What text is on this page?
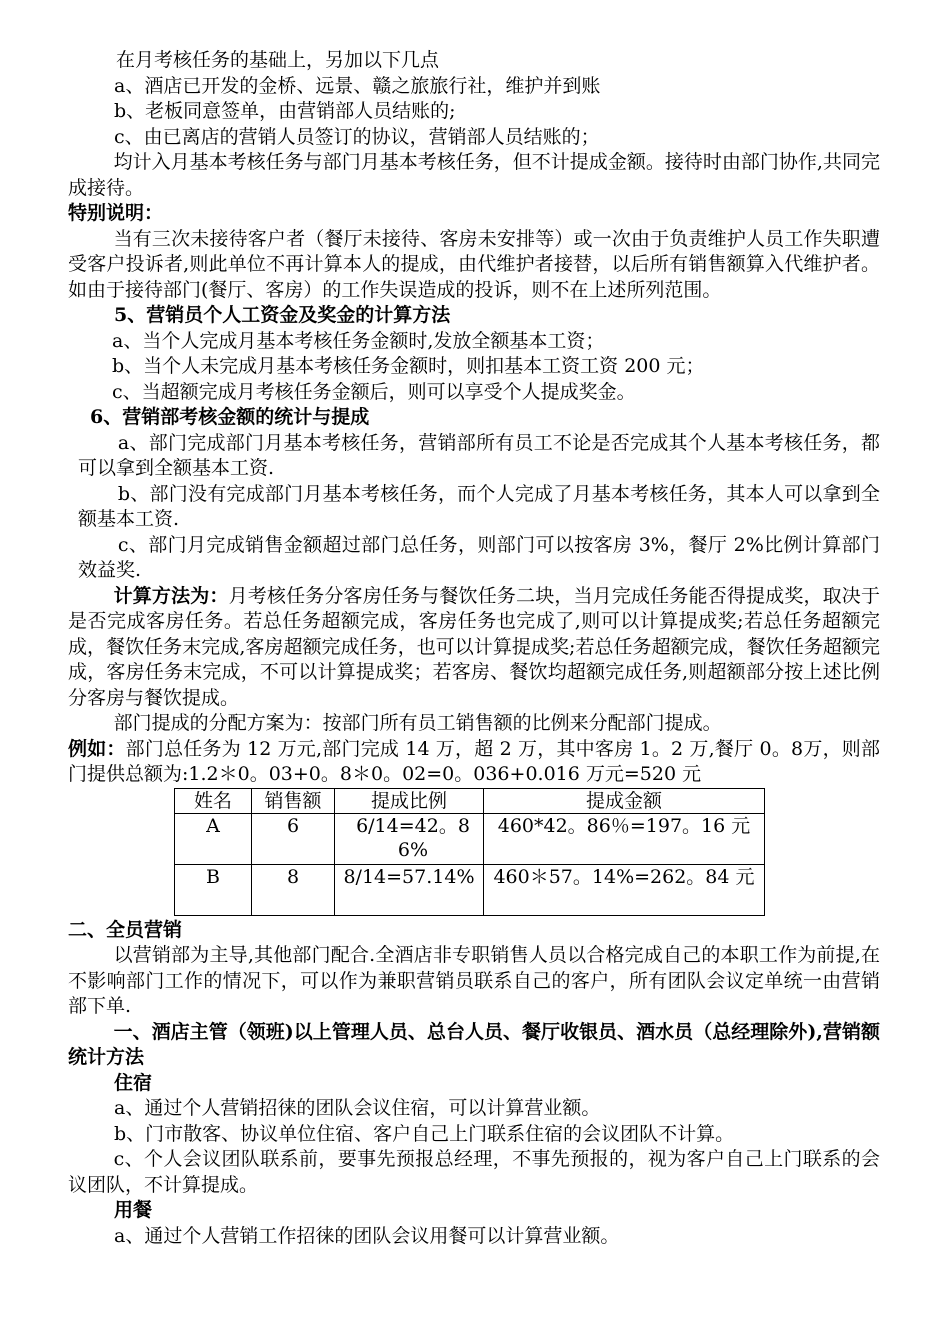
在月考核任务的基础上，另加以下几点

a、酒店已开发的金桥、远景、赣之旅旅行社，维护并到账

b、老板同意签单，由营销部人员结账的;

c、由已离店的营销人员签订的协议，营销部人员结账的；

均计入月基本考核任务与部门月基本考核任务，但不计提成金额。接待时由部门协作,共同完成接待。

特别说明：

当有三次未接待客户者（餐厅未接待、客房未安排等）或一次由于负责维护人员工作失职遭受客户投诉者,则此单位不再计算本人的提成，由代维护者接替，以后所有销售额算入代维护者。如由于接待部门(餐厅、客房）的工作失误造成的投诉，则不在上述所列范围。

5、营销员个人工资金及奖金的计算方法

a、当个人完成月基本考核任务金额时,发放全额基本工资；

b、当个人未完成月基本考核任务金额时，则扣基本工资工资 200 元；

c、当超额完成月考核任务金额后，则可以享受个人提成奖金。

6、营销部考核金额的统计与提成

a、部门完成部门月基本考核任务，营销部所有员工不论是否完成其个人基本考核任务，都可以拿到全额基本工资.

b、部门没有完成部门月基本考核任务，而个人完成了月基本考核任务，其本人可以拿到全额基本工资.

c、部门月完成销售金额超过部门总任务，则部门可以按客房 3%，餐厅 2%比例计算部门效益奖.

计算方法为：月考核任务分客房任务与餐饮任务二块，当月完成任务能否得提成奖，取决于是否完成客房任务。若总任务超额完成，客房任务也完成了,则可以计算提成奖;若总任务超额完成，餐饮任务末完成,客房超额完成任务，也可以计算提成奖;若总任务超额完成，餐饮任务超额完成，客房任务末完成，不可以计算提成奖；若客房、餐饮均超额完成任务,则超额部分按上述比例分客房与餐饮提成。

部门提成的分配方案为：按部门所有员工销售额的比例来分配部门提成。

例如：部门总任务为 12 万元,部门完成 14 万，超 2 万，其中客房 1。2 万,餐厅 0。8万，则部门提供总额为:1.2＊0。03+0。8＊0。02=0。036+0.016 万元=520 元

姓名	销售额	提成比例	提成金额
A	6	6/14=42。86%	460*42。86％=197。16 元
B	8	8/14=57.14%	460＊57。14%=262。84 元

二、全员营销

以营销部为主导,其他部门配合.全酒店非专职销售人员以合格完成自己的本职工作为前提,在不影响部门工作的情况下，可以作为兼职营销员联系自己的客户，所有团队会议定单统一由营销部下单.

一、酒店主管（领班)以上管理人员、总台人员、餐厅收银员、酒水员（总经理除外),营销额统计方法

住宿

a、通过个人营销招徕的团队会议住宿，可以计算营业额。

b、门市散客、协议单位住宿、客户自己上门联系住宿的会议团队不计算。

c、个人会议团队联系前，要事先预报总经理，不事先预报的，视为客户自己上门联系的会议团队，不计算提成。

用餐

a、通过个人营销工作招徕的团队会议用餐可以计算营业额。
